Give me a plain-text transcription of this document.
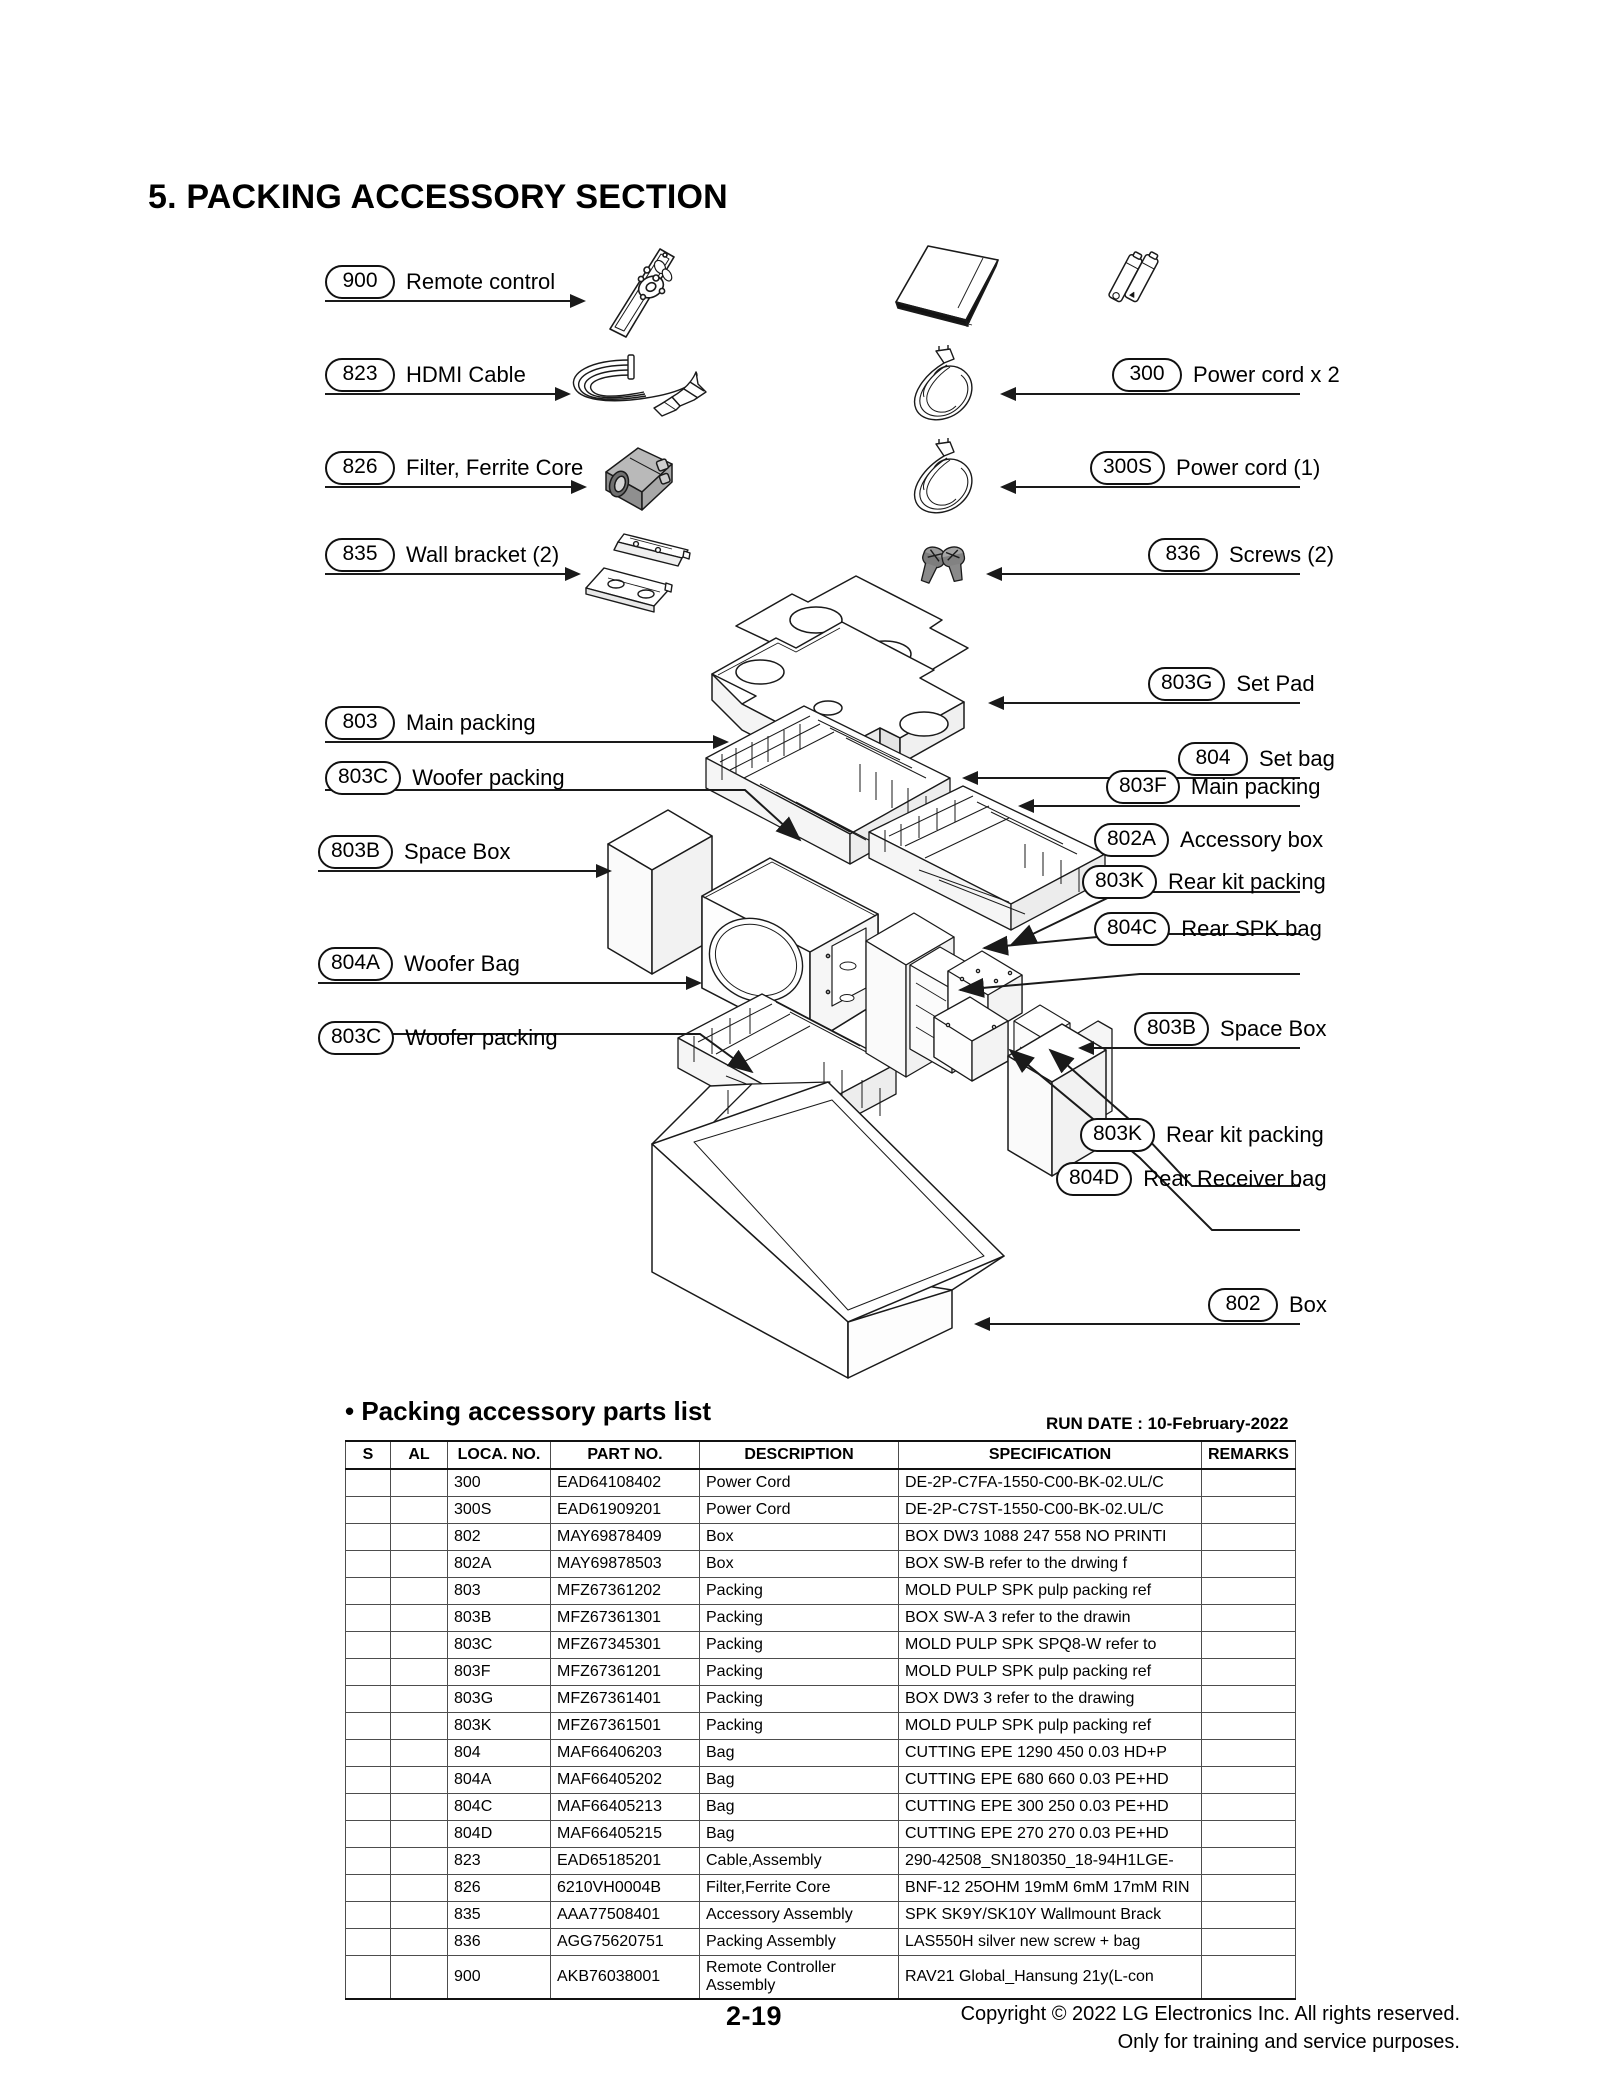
5. PACKING ACCESSORY SECTION
900 Remote control
823 HDMI Cable
826 Filter, Ferrite Core
835 Wall bracket (2)
803 Main packing
803C Woofer packing
803B Space Box
804A Woofer Bag
803C Woofer packing
300 Power cord x 2
300S Power cord (1)
836 Screws (2)
803G Set Pad
804 Set bag
803F Main packing
802A Accessory box
803K Rear kit packing
804C Rear SPK bag
803B Space Box
803K Rear kit packing
804D Rear Receiver bag
802 Box
• Packing accessory parts list	RUN DATE : 10-February-2022
S	AL	LOCA. NO.	PART NO.	DESCRIPTION	SPECIFICATION	REMARKS
		300	EAD64108402	Power Cord	DE-2P-C7FA-1550-C00-BK-02.UL/C	
		300S	EAD61909201	Power Cord	DE-2P-C7ST-1550-C00-BK-02.UL/C	
		802	MAY69878409	Box	BOX DW3 1088 247 558 NO PRINTI	
		802A	MAY69878503	Box	BOX SW-B refer to the drwing f	
		803	MFZ67361202	Packing	MOLD PULP SPK pulp packing ref	
		803B	MFZ67361301	Packing	BOX SW-A 3 refer to the drawin	
		803C	MFZ67345301	Packing	MOLD PULP SPK SPQ8-W refer to	
		803F	MFZ67361201	Packing	MOLD PULP SPK pulp packing ref	
		803G	MFZ67361401	Packing	BOX DW3 3 refer to the drawing	
		803K	MFZ67361501	Packing	MOLD PULP SPK pulp packing ref	
		804	MAF66406203	Bag	CUTTING EPE 1290 450 0.03 HD+P	
		804A	MAF66405202	Bag	CUTTING EPE 680 660 0.03 PE+HD	
		804C	MAF66405213	Bag	CUTTING EPE 300 250 0.03 PE+HD	
		804D	MAF66405215	Bag	CUTTING EPE 270 270 0.03 PE+HD	
		823	EAD65185201	Cable,Assembly	290-42508_SN180350_18-94H1LGE-	
		826	6210VH0004B	Filter,Ferrite Core	BNF-12 25OHM 19mM 6mM 17mM RIN	
		835	AAA77508401	Accessory Assembly	SPK SK9Y/SK10Y Wallmount Brack	
		836	AGG75620751	Packing Assembly	LAS550H silver new screw + bag	
		900	AKB76038001	Remote Controller Assembly	RAV21 Global_Hansung 21y(L-con	
2-19	Copyright © 2022 LG Electronics Inc. All rights reserved.
Only for training and service purposes.
